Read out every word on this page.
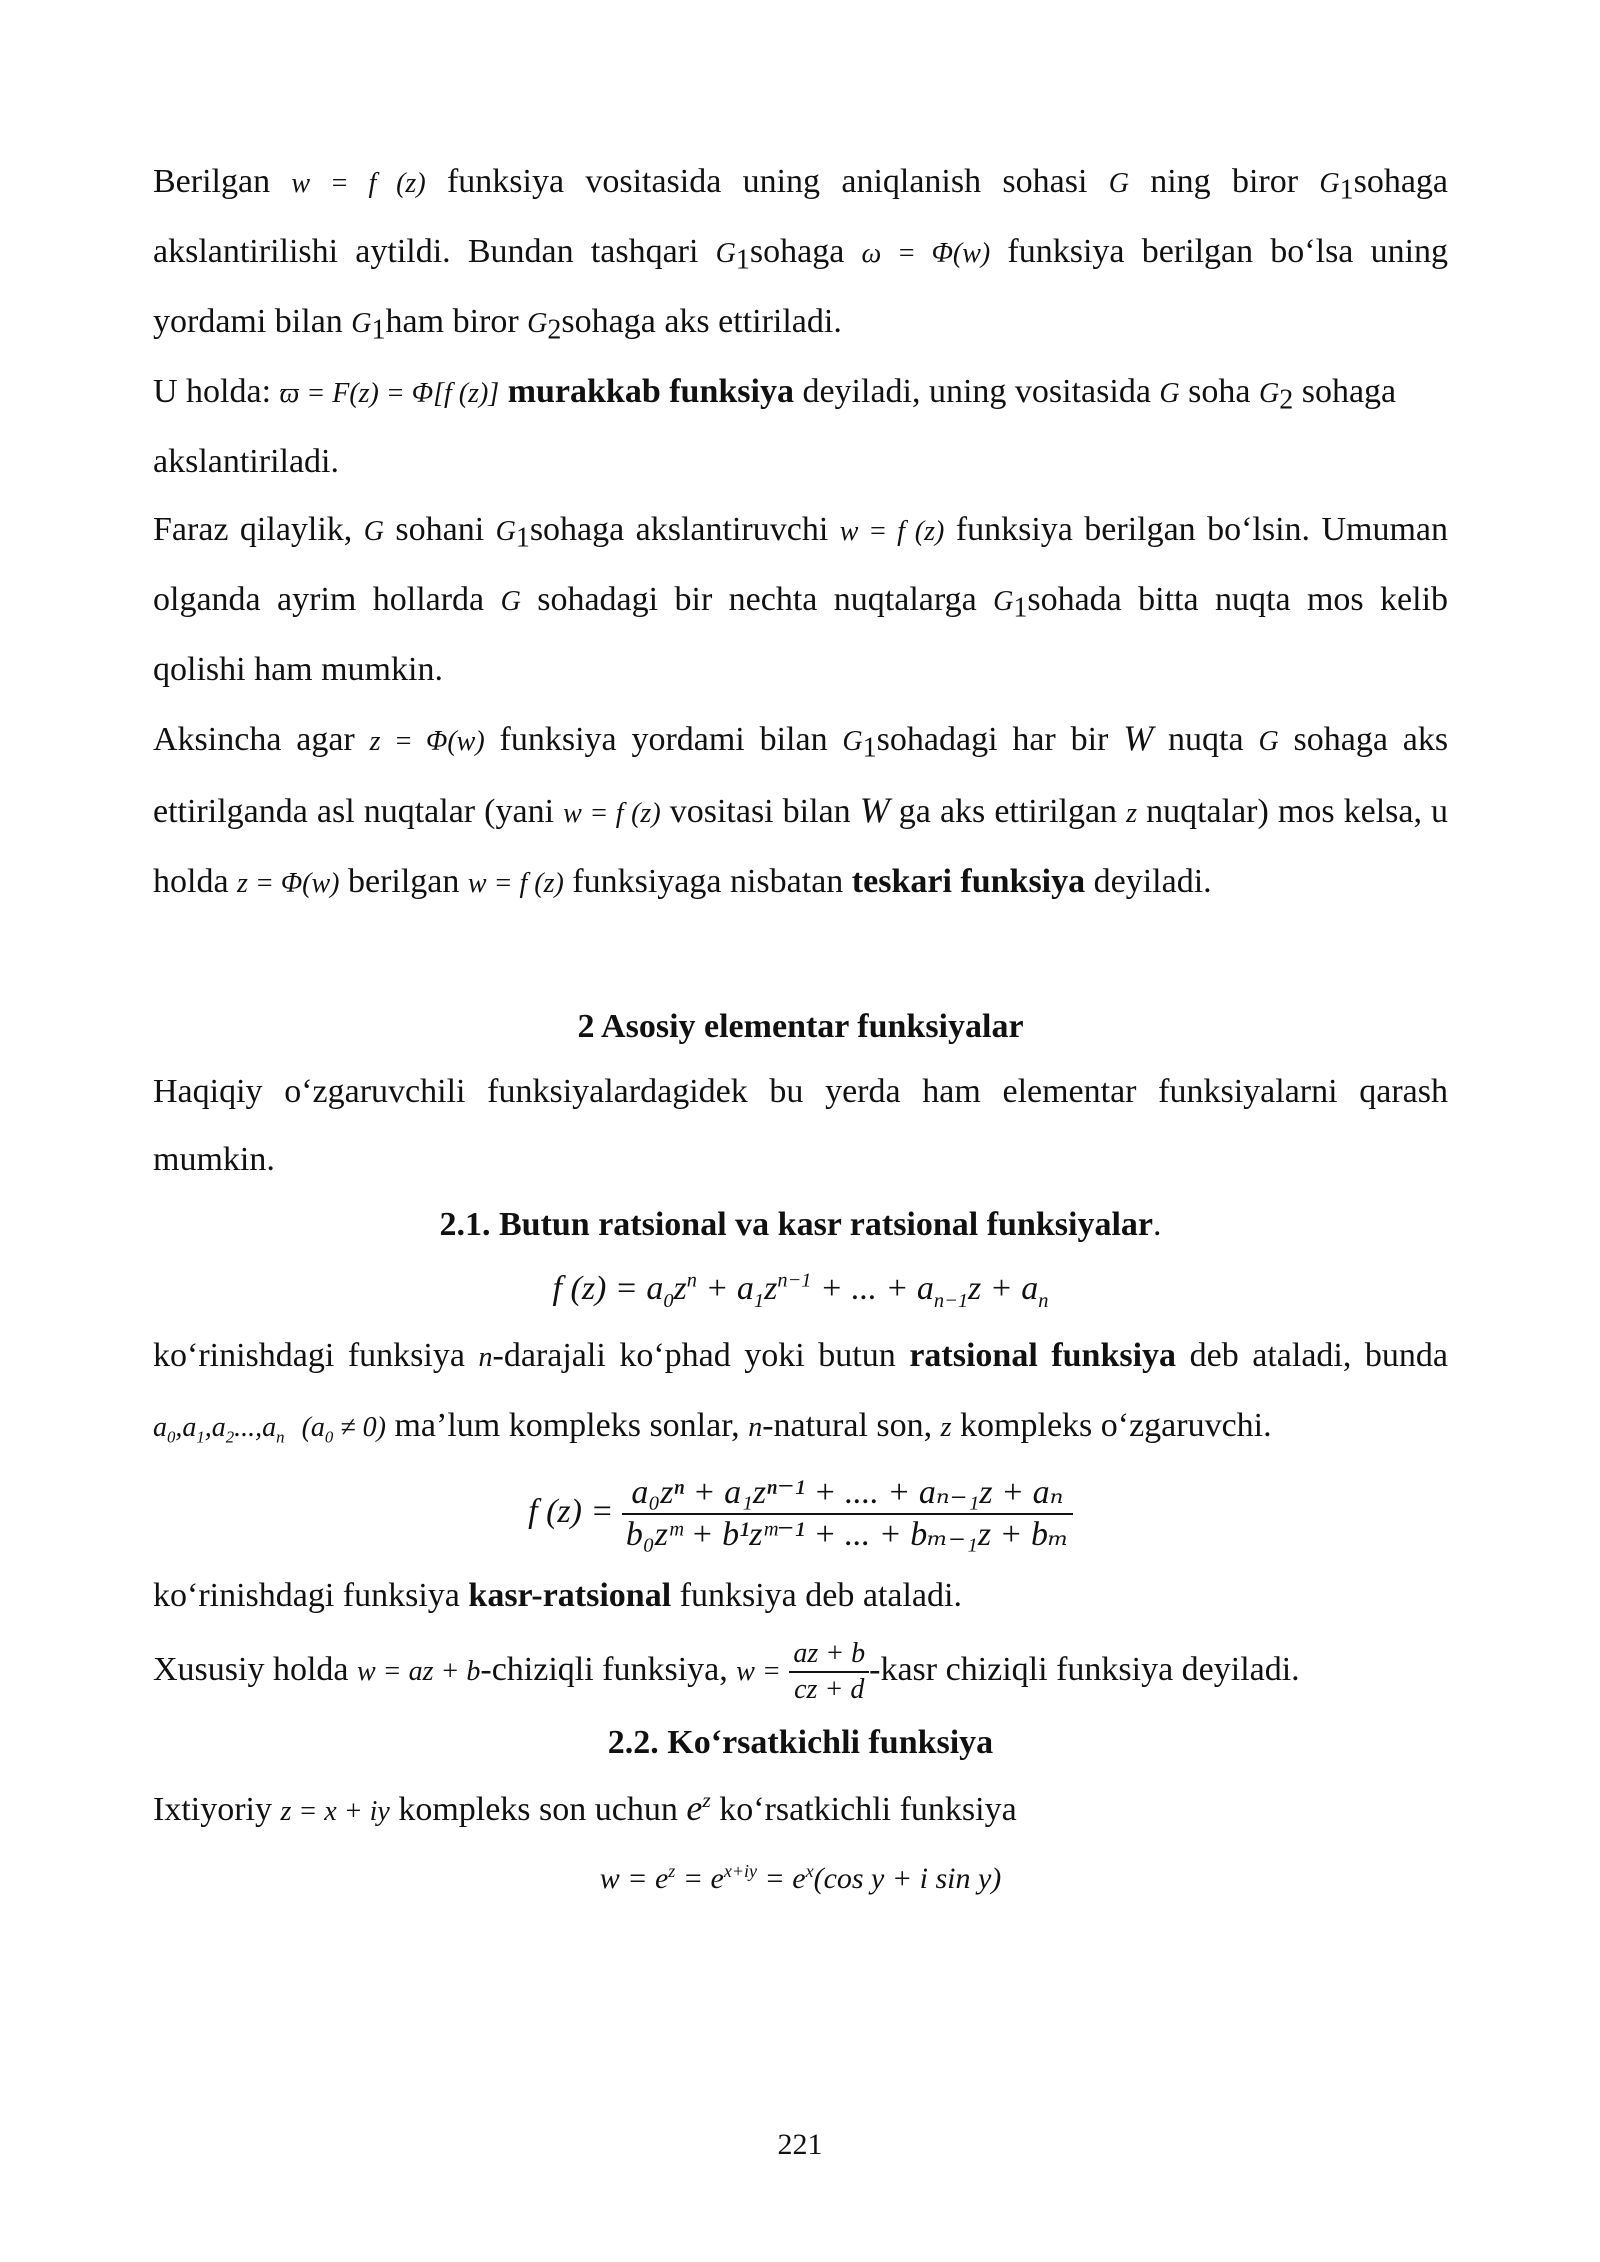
Berilgan w = f (z) funksiya vositasida uning aniqlanish sohasi G ning biror $G_1sohaga$ akslantirilishi aytildi. Bundan tashqari $G_1sohaga$ ω = Φ(w) funksiya berilgan bo‘lsa uning yordami bilan $G_1ham$ biror $G_2sohaga$ aks ettiriladi.

U holda: ϖ = F(z) = Φ[f (z)] murakkab funksiya deyiladi, uning vositasida G soha $G_2$ sohaga akslantiriladi.

Faraz qilaylik, G sohani $G_1sohaga$ akslantiruvchi w = f (z) funksiya berilgan bo‘lsin. Umuman olganda ayrim hollarda G sohadagi bir nechta nuqtalarga $G_1sohada$ bitta nuqta mos kelib qolishi ham mumkin.

Aksincha agar z = Φ(w) funksiya yordami bilan $G_1sohadagi$ har bir W nuqta G sohaga aks ettirilganda asl nuqtalar (yani w = f (z) vositasi bilan W ga aks ettirilgan z nuqtalar) mos kelsa, u holda z = Φ(w) berilgan w = f (z) funksiyaga nisbatan teskari funksiya deyiladi.

2 Asosiy elementar funksiyalar

Haqiqiy o‘zgaruvchili funksiyalardagidek bu yerda ham elementar funksiyalarni qarash mumkin.

2.1. Butun ratsional va kasr ratsional funksiyalar.
f $(z) = a_0z^n + a_1z^{n-1}$ + ... + $a_{n-1}z + a_n$

ko‘rinishdagi funksiya n-darajali ko‘phad yoki butun ratsional funksiya deb ataladi, bunda $a_0,a_1,a_2...,a_n$ $(a_0 \ne 0)$ ma’lum kompleks sonlar, n-natural son, z kompleks o‘zgaruvchi.

f $(z) = \frac{\text{a₀zⁿ + a₁zⁿ⁻¹ + .... + aₙ₋₁z + aₙ}}{\text{b₀zᵐ + b¹zᵐ⁻¹ + ... + bₘ₋₁z + bₘ}}$

ko‘rinishdagi funksiya kasr-ratsional funksiya deb ataladi.

Xususiy holda w = az + b-chiziqli funksiya, $w = \frac{az + b}{cz + d}$ -kasr chiziqli funksiya deyiladi.

2.2. Ko‘rsatkichli funksiya

Ixtiyoriy z = x + iy kompleks son uchun $e^z$ ko‘rsatkichli funksiya

$w = e^z = e^{x+iy} = e^x(\cos$ y + i sin y)
221
